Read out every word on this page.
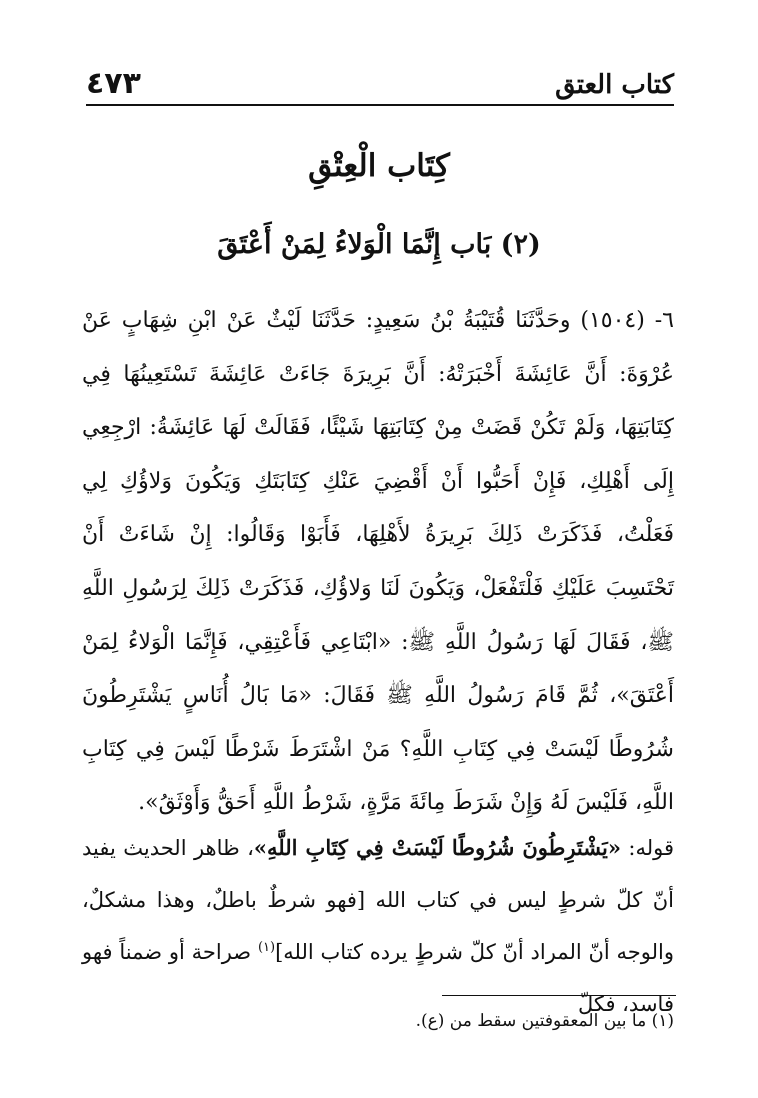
كتاب العتق
٤٧٣
كِتَاب الْعِتْقِ
(٢) بَاب إِنَّمَا الْوَلاءُ لِمَنْ أَعْتَقَ

٦- (١٥٠٤) وحَدَّثَنَا قُتَيْبَةُ بْنُ سَعِيدٍ: حَدَّثَنَا لَيْثٌ عَنْ ابْنِ شِهَابٍ عَنْ عُرْوَةَ: أَنَّ عَائِشَةَ أَخْبَرَتْهُ: أَنَّ بَرِيرَةَ جَاءَتْ عَائِشَةَ تَسْتَعِينُهَا فِي كِتَابَتِهَا، وَلَمْ تَكُنْ قَضَتْ مِنْ كِتَابَتِهَا شَيْئًا، فَقَالَتْ لَهَا عَائِشَةُ: ارْجِعِي إِلَى أَهْلِكِ، فَإِنْ أَحَبُّوا أَنْ أَقْضِيَ عَنْكِ كِتَابَتَكِ وَيَكُونَ وَلاؤُكِ لِي فَعَلْتُ، فَذَكَرَتْ ذَلِكَ بَرِيرَةُ لأَهْلِهَا، فَأَبَوْا وَقَالُوا: إِنْ شَاءَتْ أَنْ تَحْتَسِبَ عَلَيْكِ فَلْتَفْعَلْ، وَيَكُونَ لَنَا وَلاؤُكِ، فَذَكَرَتْ ذَلِكَ لِرَسُولِ اللَّهِ ﷺ، فَقَالَ لَهَا رَسُولُ اللَّهِ ﷺ: «ابْتَاعِي فَأَعْتِقِي، فَإِنَّمَا الْوَلاءُ لِمَنْ أَعْتَقَ»، ثُمَّ قَامَ رَسُولُ اللَّهِ ﷺ فَقَالَ: «مَا بَالُ أُنَاسٍ يَشْتَرِطُونَ شُرُوطًا لَيْسَتْ فِي كِتَابِ اللَّهِ؟ مَنْ اشْتَرَطَ شَرْطًا لَيْسَ فِي كِتَابِ اللَّهِ، فَلَيْسَ لَهُ وَإِنْ شَرَطَ مِائَةَ مَرَّةٍ، شَرْطُ اللَّهِ أَحَقُّ وَأَوْثَقُ».

قوله: «يَشْتَرِطُونَ شُرُوطًا لَيْسَتْ فِي كِتَابِ اللَّهِ»، ظاهر الحديث يفيد أنّ كلّ شرطٍ ليس في كتاب الله [فهو شرطٌ باطلٌ، وهذا مشكلٌ، والوجه أنّ المراد أنّ كلّ شرطٍ يرده كتاب الله]$^{(١)}$ صراحة أو ضمناً فهو فاسد، فكلّ

(١) ما بين المعقوفتين سقط من (ع).
